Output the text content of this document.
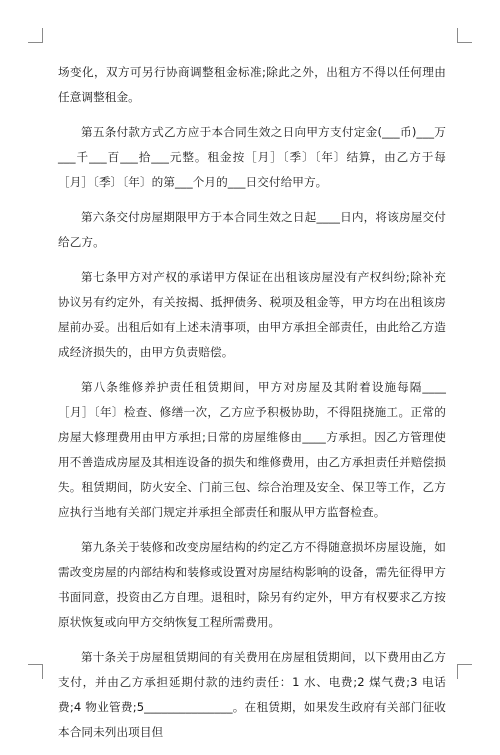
场变化，双方可另行协商调整租金标准;除此之外，出租方不得以任何理由任意调整租金。

第五条付款方式乙方应于本合同生效之日向甲方支付定金(___币)___万___千___百___拾___元整。租金按［月］〔季〕〔年〕结算，由乙方于每［月］〔季〕〔年〕的第___个月的___日交付给甲方。

第六条交付房屋期限甲方于本合同生效之日起____日内，将该房屋交付给乙方。

第七条甲方对产权的承诺甲方保证在出租该房屋没有产权纠纷;除补充协议另有约定外，有关按揭、抵押债务、税项及租金等，甲方均在出租该房屋前办妥。出租后如有上述未清事项，由甲方承担全部责任，由此给乙方造成经济损失的，由甲方负责赔偿。

第八条维修养护责任租赁期间，甲方对房屋及其附着设施每隔____［月］〔年〕检查、修缮一次，乙方应予积极协助，不得阻挠施工。正常的房屋大修理费用由甲方承担;日常的房屋维修由____方承担。因乙方管理使用不善造成房屋及其相连设备的损失和维修费用，由乙方承担责任并赔偿损失。租赁期间，防火安全、门前三包、综合治理及安全、保卫等工作，乙方应执行当地有关部门规定并承担全部责任和服从甲方监督检查。

第九条关于装修和改变房屋结构的约定乙方不得随意损坏房屋设施，如需改变房屋的内部结构和装修或设置对房屋结构影响的设备，需先征得甲方书面同意，投资由乙方自理。退租时，除另有约定外，甲方有权要求乙方按原状恢复或向甲方交纳恢复工程所需费用。

第十条关于房屋租赁期间的有关费用在房屋租赁期间，以下费用由乙方支付，并由乙方承担延期付款的违约责任：1 水、电费;2 煤气费;3 电话费;4 物业管费;5_______________。在租赁期，如果发生政府有关部门征收本合同未列出项目但
